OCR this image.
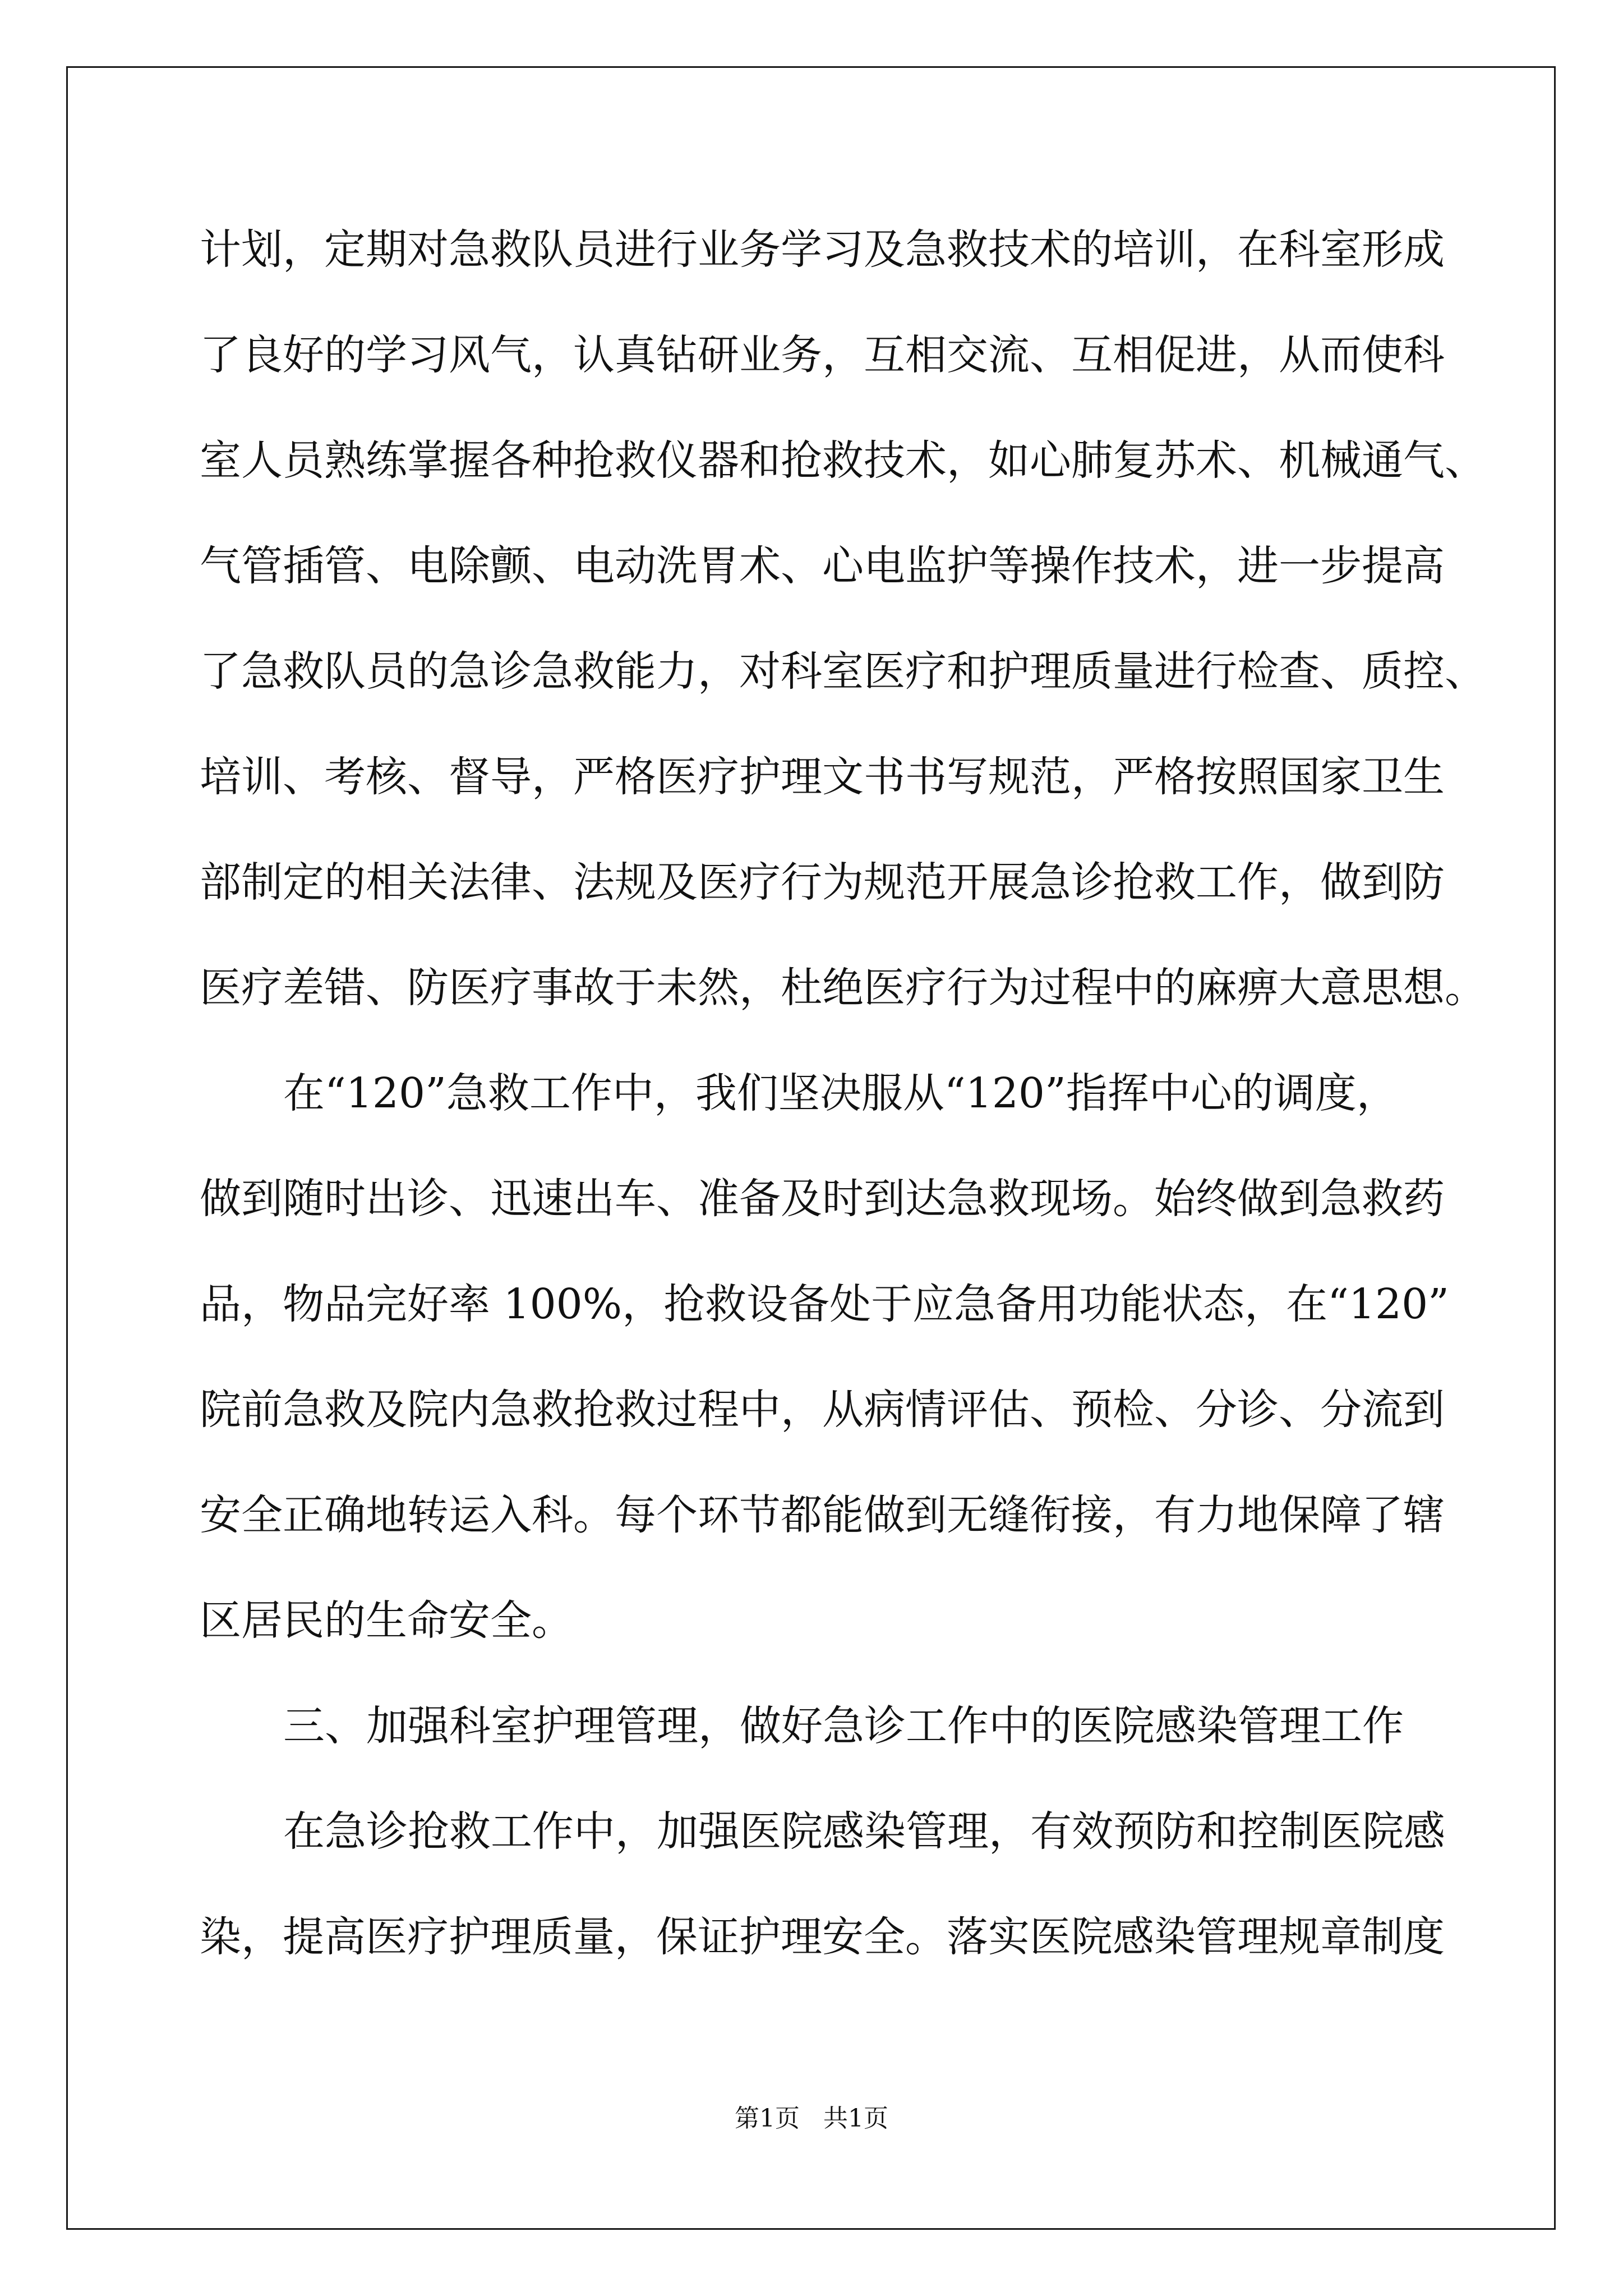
计划，定期对急救队员进行业务学习及急救技术的培训，在科室形成

了良好的学习风气，认真钻研业务，互相交流、互相促进，从而使科

室人员熟练掌握各种抢救仪器和抢救技术，如心肺复苏术、机械通气、

气管插管、电除颤、电动洗胃术、心电监护等操作技术，进一步提高

了急救队员的急诊急救能力，对科室医疗和护理质量进行检查、质控、

培训、考核、督导，严格医疗护理文书书写规范，严格按照国家卫生

部制定的相关法律、法规及医疗行为规范开展急诊抢救工作，做到防

医疗差错、防医疗事故于未然，杜绝医疗行为过程中的麻痹大意思想。

在“120”急救工作中，我们坚决服从“120”指挥中心的调度，

做到随时出诊、迅速出车、准备及时到达急救现场。始终做到急救药

品，物品完好率 100%，抢救设备处于应急备用功能状态，在“120”

院前急救及院内急救抢救过程中，从病情评估、预检、分诊、分流到

安全正确地转运入科。每个环节都能做到无缝衔接，有力地保障了辖

区居民的生命安全。

三、加强科室护理管理，做好急诊工作中的医院感染管理工作

在急诊抢救工作中，加强医院感染管理，有效预防和控制医院感

染，提高医疗护理质量，保证护理安全。落实医院感染管理规章制度

第1页   共1页
